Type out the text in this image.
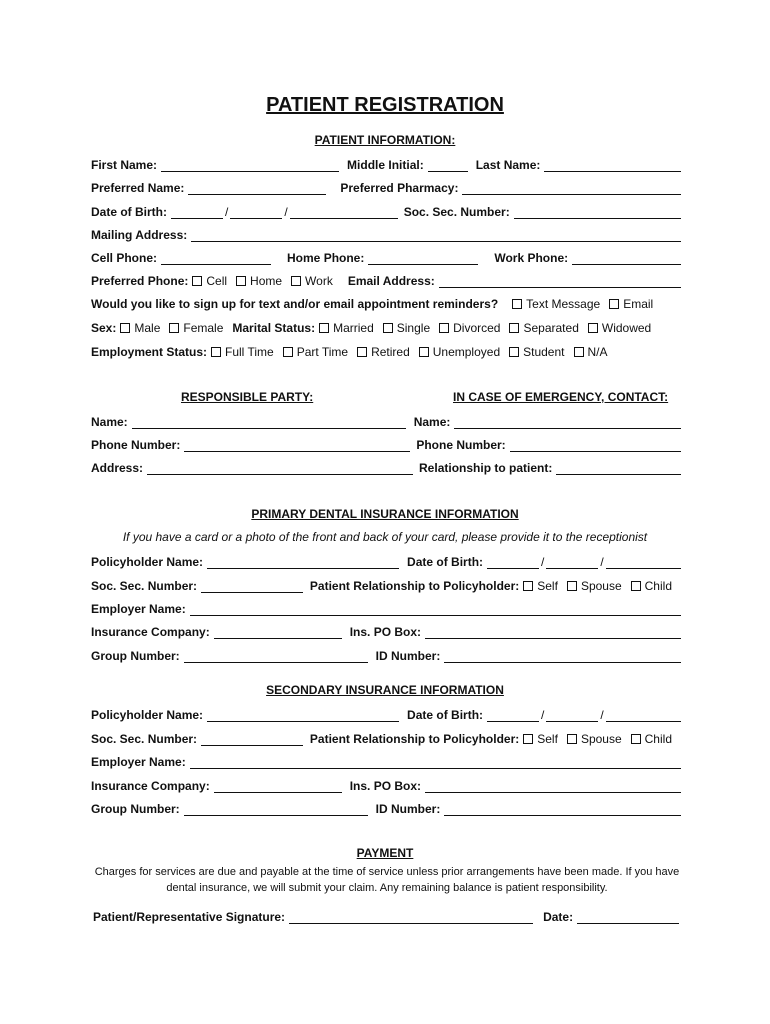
PATIENT REGISTRATION
PATIENT INFORMATION:
First Name:	Middle Initial:	Last Name:
Preferred Name:	Preferred Pharmacy:
Date of Birth:	/	/	Soc. Sec. Number:
Mailing Address:
Cell Phone:	Home Phone:	Work Phone:
Preferred Phone: Cell Home Work Email Address:
Would you like to sign up for text and/or email appointment reminders? Text Message Email
Sex: Male Female Marital Status: Married Single Divorced Separated Widowed
Employment Status: Full Time Part Time Retired Unemployed Student N/A
RESPONSIBLE PARTY:	IN CASE OF EMERGENCY, CONTACT:
Name:	Name:
Phone Number:	Phone Number:
Address:	Relationship to patient:
PRIMARY DENTAL INSURANCE INFORMATION
If you have a card or a photo of the front and back of your card, please provide it to the receptionist
Policyholder Name:	Date of Birth:	/	/
Soc. Sec. Number:	Patient Relationship to Policyholder: Self Spouse Child
Employer Name:
Insurance Company:	Ins. PO Box:
Group Number:	ID Number:
SECONDARY INSURANCE INFORMATION
Policyholder Name:	Date of Birth:	/	/
Soc. Sec. Number:	Patient Relationship to Policyholder: Self Spouse Child
Employer Name:
Insurance Company:	Ins. PO Box:
Group Number:	ID Number:
PAYMENT
Charges for services are due and payable at the time of service unless prior arrangements have been made. If you have dental insurance, we will submit your claim. Any remaining balance is patient responsibility.
Patient/Representative Signature:	Date:
